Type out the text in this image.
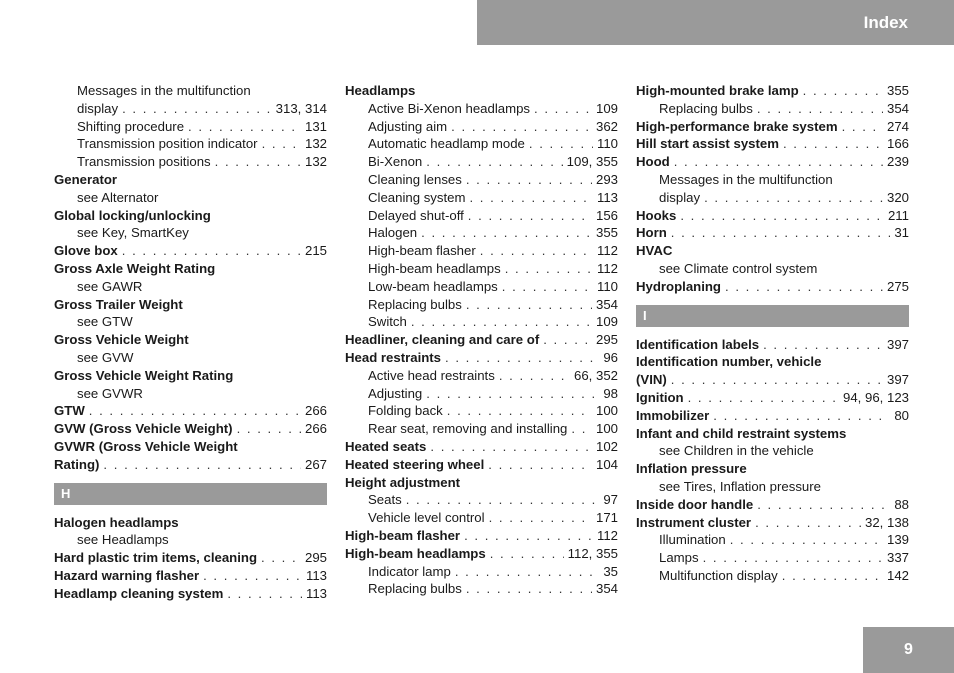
Index
Messages in the multifunction
display . . .	313, 314
Shifting procedure . . .	131
Transmission position indicator . . .	132
Transmission positions . . .	132
Generator
see Alternator
Global locking/unlocking
see Key, SmartKey
Glove box . . .	215
Gross Axle Weight Rating
see GAWR
Gross Trailer Weight
see GTW
Gross Vehicle Weight
see GVW
Gross Vehicle Weight Rating
see GVWR
GTW . . .	266
GVW (Gross Vehicle Weight) . . .	266
GVWR (Gross Vehicle Weight
Rating) . . .	267
H
Halogen headlamps
see Headlamps
Hard plastic trim items, cleaning . . .	295
Hazard warning flasher . . .	113
Headlamp cleaning system . . .	113
Headlamps
Active Bi-Xenon headlamps . . .	109
Adjusting aim . . .	362
Automatic headlamp mode . . .	110
Bi-Xenon . . .	109, 355
Cleaning lenses . . .	293
Cleaning system . . .	113
Delayed shut-off . . .	156
Halogen . . .	355
High-beam flasher . . .	112
High-beam headlamps . . .	112
Low-beam headlamps . . .	110
Replacing bulbs . . .	354
Switch . . .	109
Headliner, cleaning and care of . . .	295
Head restraints . . .	96
Active head restraints . . .	66, 352
Adjusting . . .	98
Folding back . . .	100
Rear seat, removing and installing . . . 100
Heated seats . . .	102
Heated steering wheel . . .	104
Height adjustment
Seats . . .	97
Vehicle level control . . .	171
High-beam flasher . . .	112
High-beam headlamps . . .	112, 355
Indicator lamp . . .	35
Replacing bulbs . . .	354
High-mounted brake lamp . . .	355
Replacing bulbs . . .	354
High-performance brake system . . .	274
Hill start assist system . . .	166
Hood . . .	239
Messages in the multifunction
display . . .	320
Hooks . . .	211
Horn . . .	31
HVAC
see Climate control system
Hydroplaning . . .	275
I
Identification labels . . .	397
Identification number, vehicle
(VIN) . . .	397
Ignition . . .	94, 96, 123
Immobilizer . . .	80
Infant and child restraint systems
see Children in the vehicle
Inflation pressure
see Tires, Inflation pressure
Inside door handle . . .	88
Instrument cluster . . .	32, 138
Illumination . . .	139
Lamps . . .	337
Multifunction display . . .	142
9
